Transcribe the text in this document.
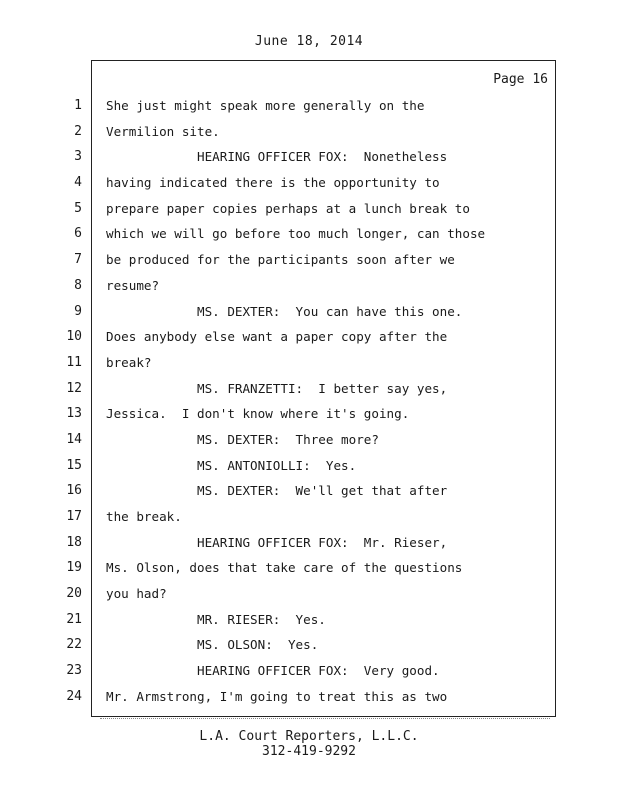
June 18, 2014
Page 16
1
2
3
4
5
6
7
8
9
10
11
12
13
14
15
16
17
18
19
20
21
22
23
24
She just might speak more generally on the
Vermilion site.
HEARING OFFICER FOX:  Nonetheless
having indicated there is the opportunity to
prepare paper copies perhaps at a lunch break to
which we will go before too much longer, can those
be produced for the participants soon after we
resume?
MS. DEXTER:  You can have this one.
Does anybody else want a paper copy after the
break?
MS. FRANZETTI:  I better say yes,
Jessica.  I don't know where it's going.
MS. DEXTER:  Three more?
MS. ANTONIOLLI:  Yes.
MS. DEXTER:  We'll get that after
the break.
HEARING OFFICER FOX:  Mr. Rieser,
Ms. Olson, does that take care of the questions
you had?
MR. RIESER:  Yes.
MS. OLSON:  Yes.
HEARING OFFICER FOX:  Very good.
Mr. Armstrong, I'm going to treat this as two
L.A. Court Reporters, L.L.C.
312-419-9292
